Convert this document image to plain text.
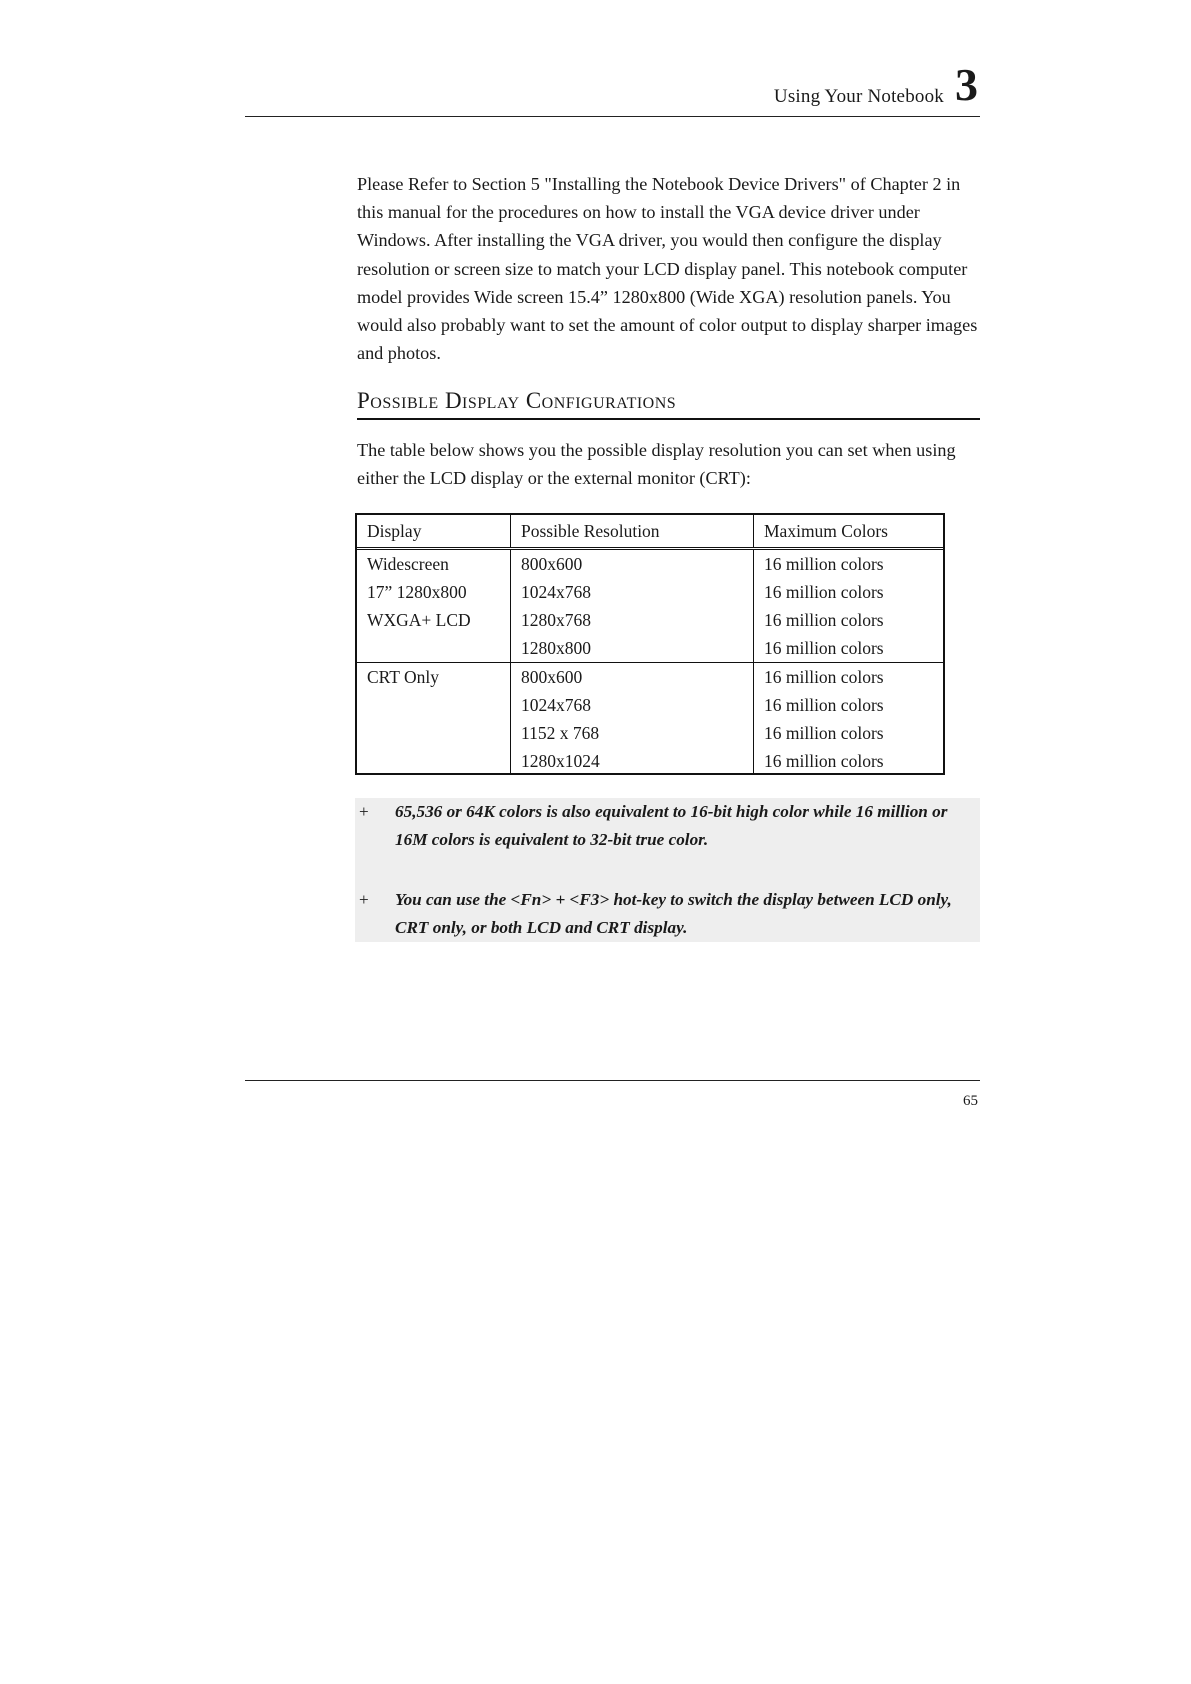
Using Your Notebook 3

Please Refer to Section 5 "Installing the Notebook Device Drivers" of Chapter 2 in this manual for the procedures on how to install the VGA device driver under Windows. After installing the VGA driver, you would then configure the display resolution or screen size to match your LCD display panel. This notebook computer model provides Wide screen 15.4” 1280x800 (Wide XGA) resolution panels. You would also probably want to set the amount of color output to display sharper images and photos.

Possible Display Configurations

The table below shows you the possible display resolution you can set when using either the LCD display or the external monitor (CRT):

Display	Possible Resolution	Maximum Colors
Widescreen	800x600	16 million colors
17” 1280x800	1024x768	16 million colors
WXGA+ LCD	1280x768	16 million colors
	1280x800	16 million colors
CRT Only	800x600	16 million colors
	1024x768	16 million colors
	1152 x 768	16 million colors
	1280x1024	16 million colors
+ 65,536 or 64K colors is also equivalent to 16-bit high color while 16 million or 16M colors is equivalent to 32-bit true color.
+ You can use the <Fn> + <F3> hot-key to switch the display between LCD only, CRT only, or both LCD and CRT display.
65
